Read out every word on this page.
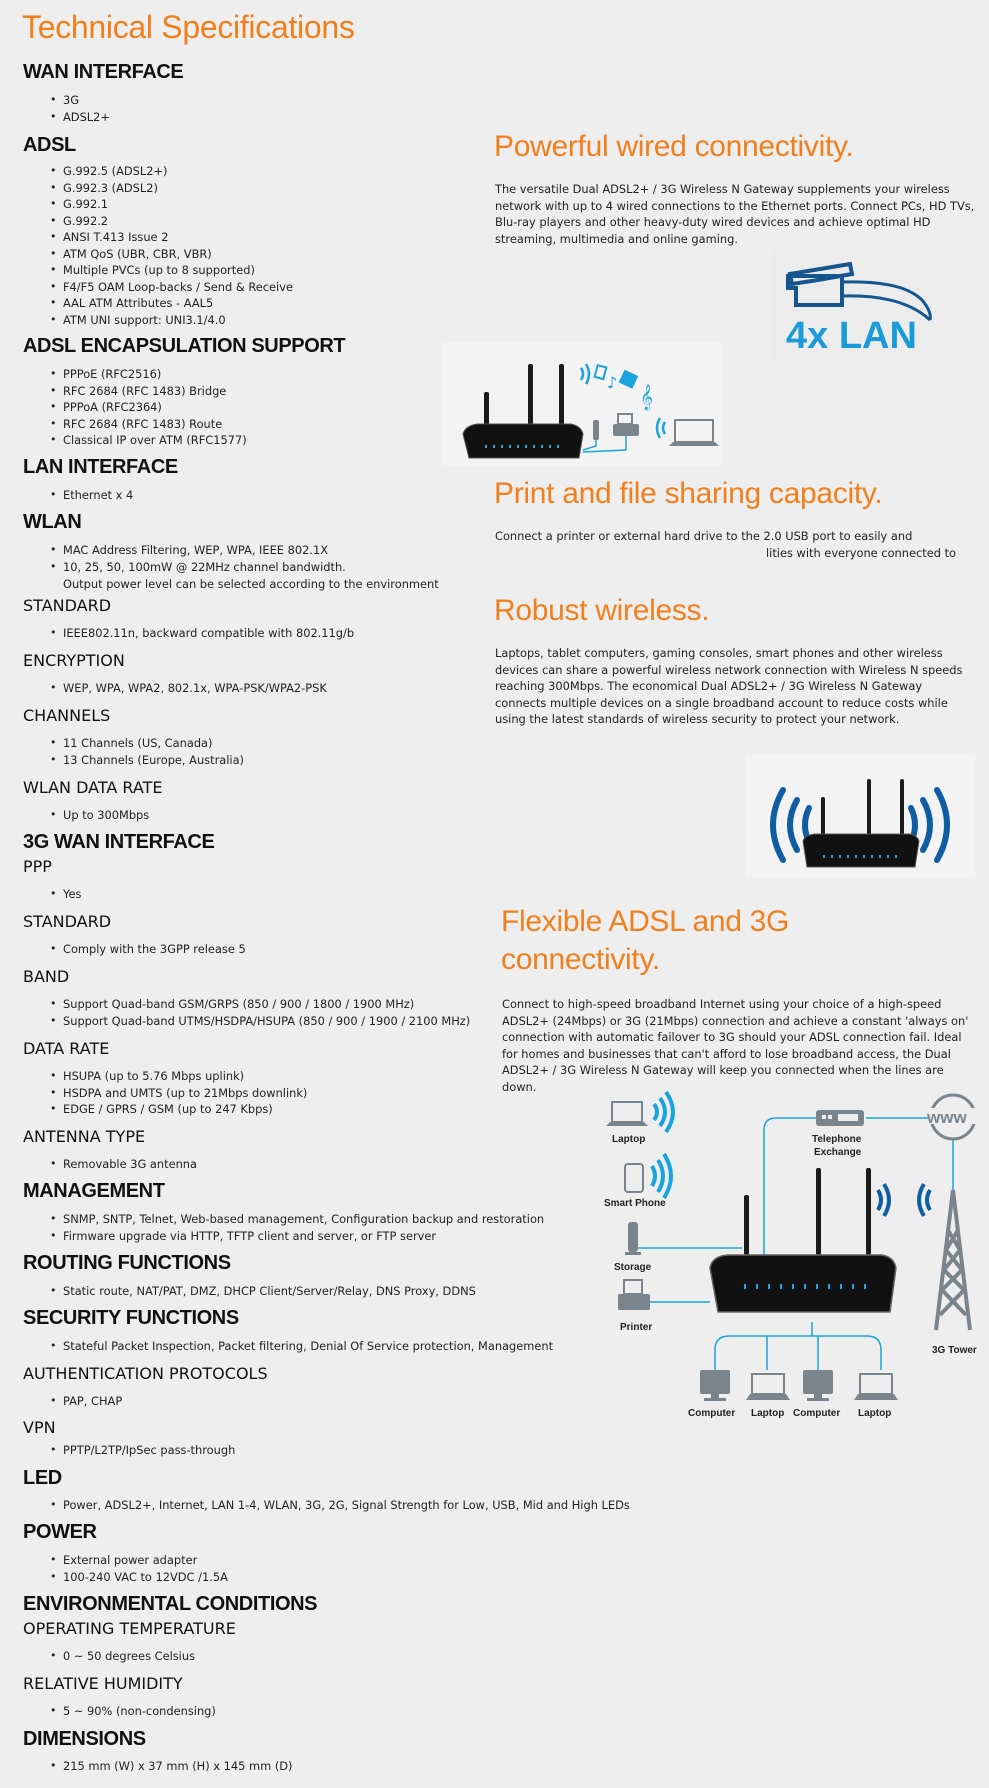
Technical Specifications
WAN INTERFACE
• 3G
• ADSL2+
ADSL
• G.992.5 (ADSL2+)
• G.992.3 (ADSL2)
• G.992.1
• G.992.2
• ANSI T.413 Issue 2
• ATM QoS (UBR, CBR, VBR)
• Multiple PVCs (up to 8 supported)
• F4/F5 OAM Loop-backs / Send & Receive
• AAL ATM Attributes - AAL5
• ATM UNI support: UNI3.1/4.0
ADSL ENCAPSULATION SUPPORT
• PPPoE (RFC2516)
• RFC 2684 (RFC 1483) Bridge
• PPPoA (RFC2364)
• RFC 2684 (RFC 1483) Route
• Classical IP over ATM (RFC1577)
LAN INTERFACE
• Ethernet x 4
WLAN
• MAC Address Filtering, WEP, WPA, IEEE 802.1X
• 10, 25, 50, 100mW @ 22MHz channel bandwidth.
Output power level can be selected according to the environment
STANDARD
• IEEE802.11n, backward compatible with 802.11g/b
ENCRYPTION
• WEP, WPA, WPA2, 802.1x, WPA-PSK/WPA2-PSK
CHANNELS
• 11 Channels (US, Canada)
• 13 Channels (Europe, Australia)
WLAN DATA RATE
• Up to 300Mbps
3G WAN INTERFACE
PPP
• Yes
STANDARD
• Comply with the 3GPP release 5
BAND
• Support Quad-band GSM/GRPS (850 / 900 / 1800 / 1900 MHz)
• Support Quad-band UTMS/HSDPA/HSUPA (850 / 900 / 1900 / 2100 MHz)
DATA RATE
• HSUPA (up to 5.76 Mbps uplink)
• HSDPA and UMTS (up to 21Mbps downlink)
• EDGE / GPRS / GSM (up to 247 Kbps)
ANTENNA TYPE
• Removable 3G antenna
MANAGEMENT
• SNMP, SNTP, Telnet, Web-based management, Configuration backup and restoration
• Firmware upgrade via HTTP, TFTP client and server, or FTP server
ROUTING FUNCTIONS
• Static route, NAT/PAT, DMZ, DHCP Client/Server/Relay, DNS Proxy, DDNS
SECURITY FUNCTIONS
• Stateful Packet Inspection, Packet filtering, Denial Of Service protection, Management
AUTHENTICATION PROTOCOLS
• PAP, CHAP
VPN
• PPTP/L2TP/IpSec pass-through
LED
• Power, ADSL2+, Internet, LAN 1-4, WLAN, 3G, 2G, Signal Strength for Low, USB, Mid and High LEDs
POWER
• External power adapter
• 100-240 VAC to 12VDC /1.5A
ENVIRONMENTAL CONDITIONS
OPERATING TEMPERATURE
• 0 ~ 50 degrees Celsius
RELATIVE HUMIDITY
• 5 ~ 90% (non-condensing)
DIMENSIONS
• 215 mm (W) x 37 mm (H) x 145 mm (D)
Powerful wired connectivity.

The versatile Dual ADSL2+ / 3G Wireless N Gateway supplements your wireless network with up to 4 wired connections to the Ethernet ports. Connect PCs, HD TVs, Blu-ray players and other heavy-duty wired devices and achieve optimal HD streaming, multimedia and online gaming.

4x LAN
♪
𝄞
Print and file sharing capacity.

Connect a printer or external hard drive to the 2.0 USB port to easily and
lities with everyone connected to

Robust wireless.

Laptops, tablet computers, gaming consoles, smart phones and other wireless devices can share a powerful wireless network connection with Wireless N speeds reaching 300Mbps. The economical Dual ADSL2+ / 3G Wireless N Gateway connects multiple devices on a single broadband account to reduce costs while using the latest standards of wireless security to protect your network.

Flexible ADSL and 3G
connectivity.

Connect to high-speed broadband Internet using your choice of a high-speed ADSL2+ (24Mbps) or 3G (21Mbps) connection and achieve a constant 'always on' connection with automatic failover to 3G should your ADSL connection fail. Ideal for homes and businesses that can't afford to lose broadband access, the Dual ADSL2+ / 3G Wireless N Gateway will keep you connected when the lines are down.

Laptop
Smart Phone
Storage
Printer
Telephone
Exchange
www
3G Tower
Computer Laptop Computer Laptop
